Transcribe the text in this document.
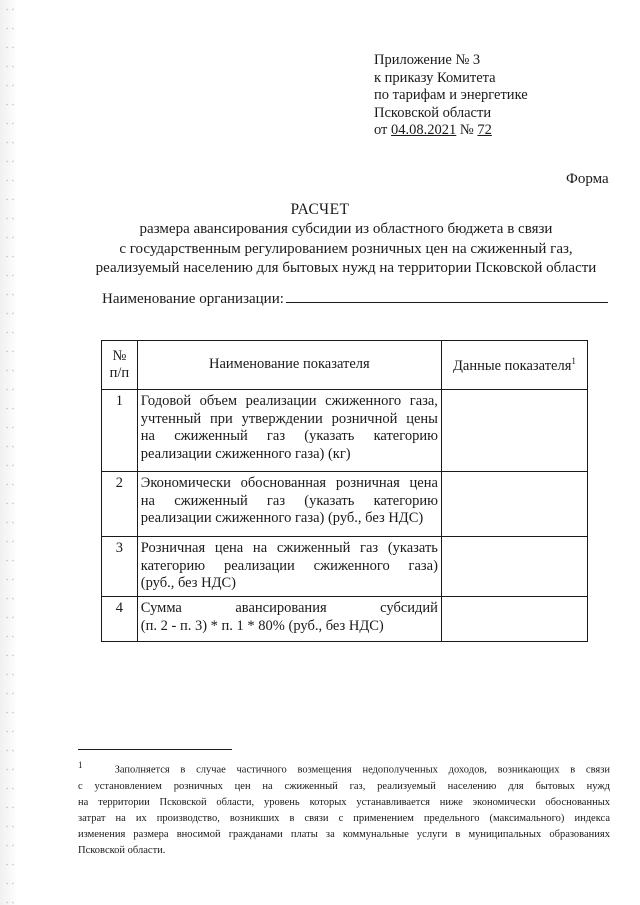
Приложение № 3
к приказу Комитета
по тарифам и энергетике
Псковской области
от 04.08.2021 № 72
Форма
РАСЧЕТ
размера авансирования субсидии из областного бюджета в связи
с государственным регулированием розничных цен на сжиженный газ,
реализуемый населению для бытовых нужд на территории Псковской области
Наименование организации:
№
п/п	Наименование показателя	Данные показателя$^1$
1	Годовой объем реализации сжиженного газа,
учтенный при утверждении розничной цены
на сжиженный газ (указать категорию
реализации сжиженного газа) (кг)	

2	Экономически обоснованная розничная цена
на сжиженный газ (указать категорию
реализации сжиженного газа) (руб., без НДС)	

3	Розничная цена на сжиженный газ (указать
категорию реализации сжиженного газа)
(руб., без НДС)	

4	Сумма авансирования субсидий
(п. 2 - п. 3) * п. 1 * 80% (руб., без НДС)	

$^1$	Заполняется в случае частичного возмещения недополученных доходов, возникающих в связи
с установлением розничных цен на сжиженный газ, реализуемый населению для бытовых нужд
на территории Псковской области, уровень которых устанавливается ниже экономически обоснованных
затрат на их производство, возникших в связи с применением предельного (максимального) индекса
изменения размера вносимой гражданами платы за коммунальные услуги в муниципальных образованиях
Псковской области.
